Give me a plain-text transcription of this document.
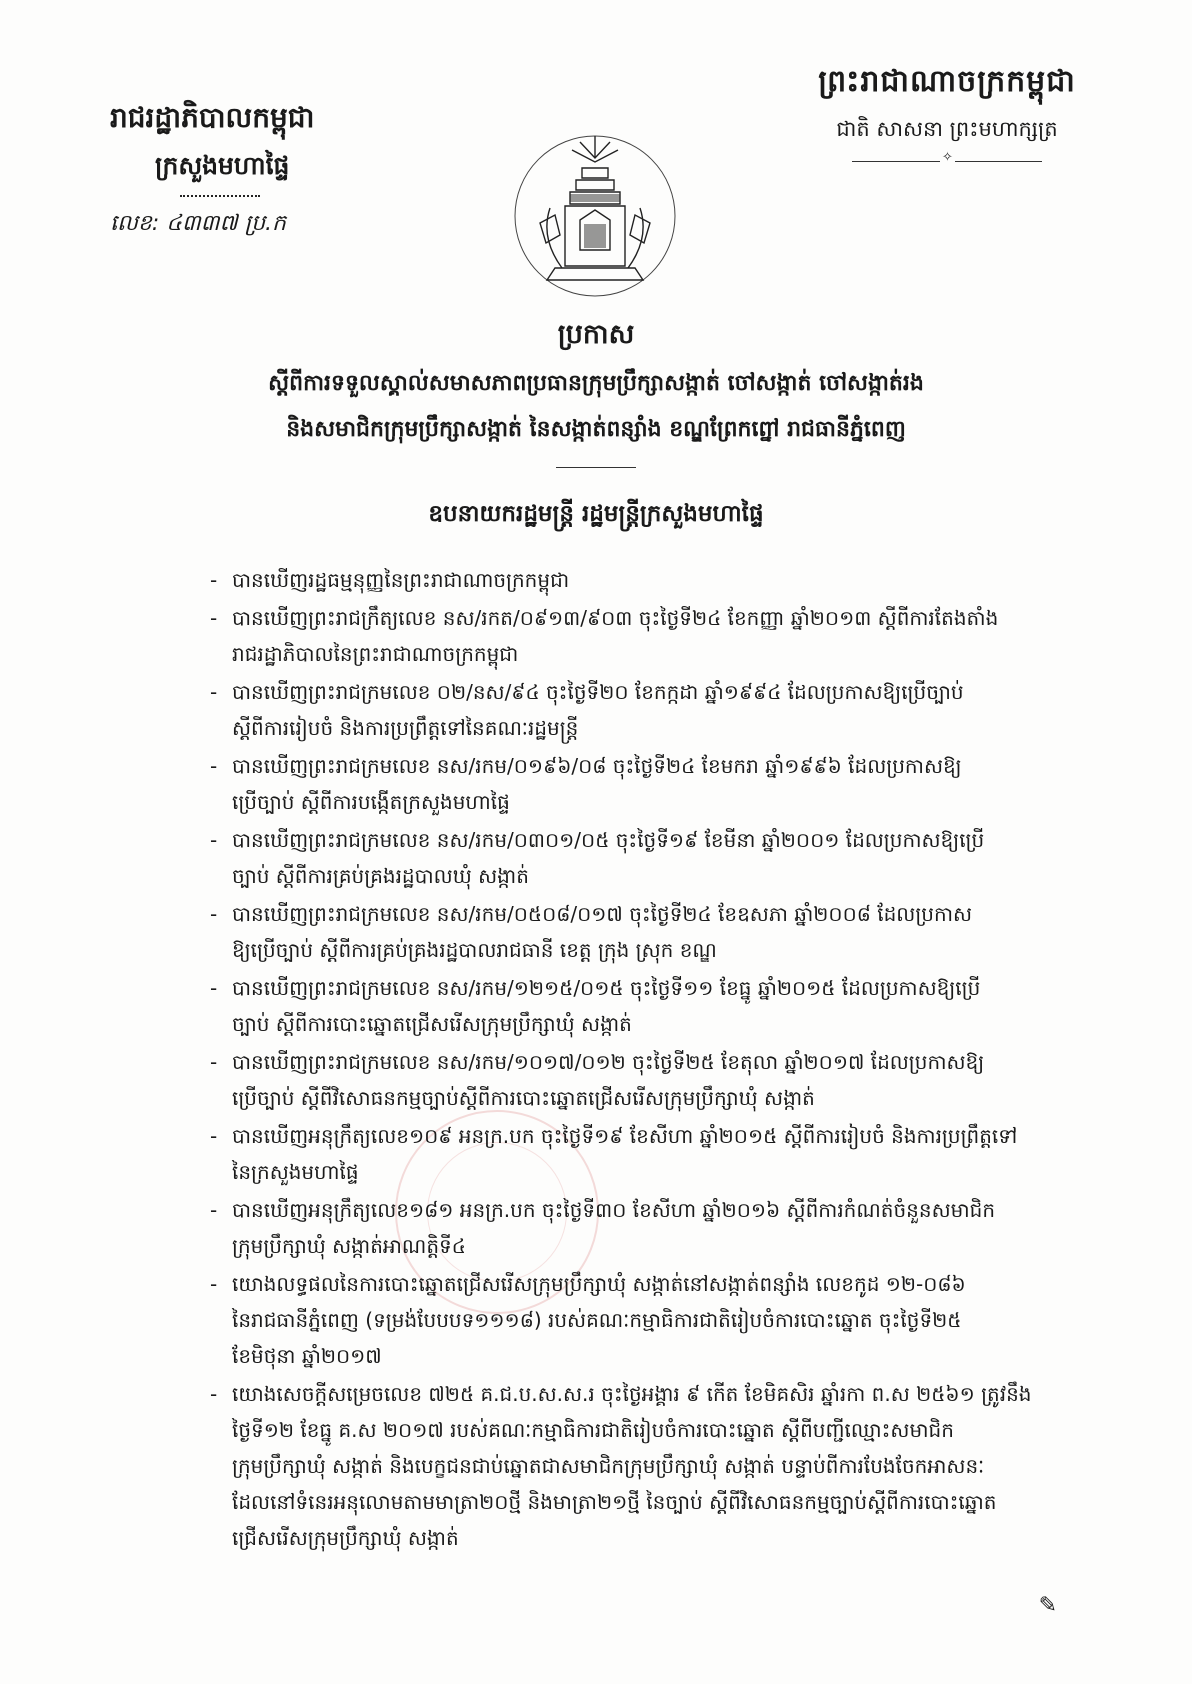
ព្រះរាជាណាចក្រកម្ពុជា
ជាតិ សាសនា ព្រះមហាក្សត្រ
✧
រាជរដ្ឋាភិបាលកម្ពុជា
ក្រសួងមហាផ្ទៃ
លេខ: ៤៣៣៧ ប្រ.ក
ប្រកាស
ស្តីពីការទទួលស្គាល់សមាសភាពប្រធានក្រុមប្រឹក្សាសង្កាត់ ចៅសង្កាត់ ចៅសង្កាត់រង
និងសមាជិកក្រុមប្រឹក្សាសង្កាត់ នៃសង្កាត់ពន្សាំង ខណ្ឌព្រែកព្នៅ រាជធានីភ្នំពេញ
ឧបនាយករដ្ឋមន្ត្រី រដ្ឋមន្ត្រីក្រសួងមហាផ្ទៃ
- បានឃើញរដ្ឋធម្មនុញ្ញនៃព្រះរាជាណាចក្រកម្ពុជា
- បានឃើញព្រះរាជក្រឹត្យលេខ នស/រកត/០៩១៣/៩០៣ ចុះថ្ងៃទី២៤ ខែកញ្ញា ឆ្នាំ២០១៣ ស្តីពីការតែងតាំង
រាជរដ្ឋាភិបាលនៃព្រះរាជាណាចក្រកម្ពុជា
- បានឃើញព្រះរាជក្រមលេខ ០២/នស/៩៤ ចុះថ្ងៃទី២០ ខែកក្កដា ឆ្នាំ១៩៩៤ ដែលប្រកាសឱ្យប្រើច្បាប់
ស្តីពីការរៀបចំ និងការប្រព្រឹត្តទៅនៃគណៈរដ្ឋមន្ត្រី
- បានឃើញព្រះរាជក្រមលេខ នស/រកម/០១៩៦/០៨ ចុះថ្ងៃទី២៤ ខែមករា ឆ្នាំ១៩៩៦ ដែលប្រកាសឱ្យ
ប្រើច្បាប់ ស្តីពីការបង្កើតក្រសួងមហាផ្ទៃ
- បានឃើញព្រះរាជក្រមលេខ នស/រកម/០៣០១/០៥ ចុះថ្ងៃទី១៩ ខែមីនា ឆ្នាំ២០០១ ដែលប្រកាសឱ្យប្រើ
ច្បាប់ ស្តីពីការគ្រប់គ្រងរដ្ឋបាលឃុំ សង្កាត់
- បានឃើញព្រះរាជក្រមលេខ នស/រកម/០៥០៨/០១៧ ចុះថ្ងៃទី២៤ ខែឧសភា ឆ្នាំ២០០៨ ដែលប្រកាស
ឱ្យប្រើច្បាប់ ស្តីពីការគ្រប់គ្រងរដ្ឋបាលរាជធានី ខេត្ត ក្រុង ស្រុក ខណ្ឌ
- បានឃើញព្រះរាជក្រមលេខ នស/រកម/១២១៥/០១៥ ចុះថ្ងៃទី១១ ខែធ្នូ ឆ្នាំ២០១៥ ដែលប្រកាសឱ្យប្រើ
ច្បាប់ ស្តីពីការបោះឆ្នោតជ្រើសរើសក្រុមប្រឹក្សាឃុំ សង្កាត់
- បានឃើញព្រះរាជក្រមលេខ នស/រកម/១០១៧/០១២ ចុះថ្ងៃទី២៥ ខែតុលា ឆ្នាំ២០១៧ ដែលប្រកាសឱ្យ
ប្រើច្បាប់ ស្តីពីវិសោធនកម្មច្បាប់ស្តីពីការបោះឆ្នោតជ្រើសរើសក្រុមប្រឹក្សាឃុំ សង្កាត់
- បានឃើញអនុក្រឹត្យលេខ១០៩ អនក្រ.បក ចុះថ្ងៃទី១៩ ខែសីហា ឆ្នាំ២០១៥ ស្តីពីការរៀបចំ និងការប្រព្រឹត្តទៅ
នៃក្រសួងមហាផ្ទៃ
- បានឃើញអនុក្រឹត្យលេខ១៨១ អនក្រ.បក ចុះថ្ងៃទី៣០ ខែសីហា ឆ្នាំ២០១៦ ស្តីពីការកំណត់ចំនួនសមាជិក
ក្រុមប្រឹក្សាឃុំ សង្កាត់អាណត្តិទី៤
- យោងលទ្ធផលនៃការបោះឆ្នោតជ្រើសរើសក្រុមប្រឹក្សាឃុំ សង្កាត់នៅសង្កាត់ពន្សាំង លេខកូដ ១២-០៨៦
នៃរាជធានីភ្នំពេញ (ទម្រង់បែបបទ១១១៨) របស់គណៈកម្មាធិការជាតិរៀបចំការបោះឆ្នោត ចុះថ្ងៃទី២៥
ខែមិថុនា ឆ្នាំ២០១៧
- យោងសេចក្តីសម្រេចលេខ ៧២៥ គ.ជ.ប.ស.ស.រ ចុះថ្ងៃអង្គារ ៩ កើត ខែមិគសិរ ឆ្នាំរកា ព.ស ២៥៦១ ត្រូវនឹង
ថ្ងៃទី១២ ខែធ្នូ គ.ស ២០១៧ របស់គណៈកម្មាធិការជាតិរៀបចំការបោះឆ្នោត ស្តីពីបញ្ជីឈ្មោះសមាជិក
ក្រុមប្រឹក្សាឃុំ សង្កាត់ និងបេក្ខជនជាប់ឆ្នោតជាសមាជិកក្រុមប្រឹក្សាឃុំ សង្កាត់ បន្ទាប់ពីការបែងចែកអាសនៈ
ដែលនៅទំនេរអនុលោមតាមមាត្រា២០ថ្មី និងមាត្រា២១ថ្មី នៃច្បាប់ ស្តីពីវិសោធនកម្មច្បាប់ស្តីពីការបោះឆ្នោត
ជ្រើសរើសក្រុមប្រឹក្សាឃុំ សង្កាត់
✎
